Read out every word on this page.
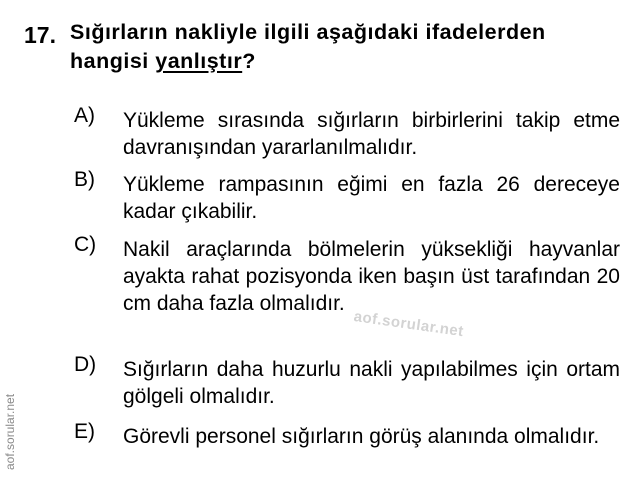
17. Sığırların nakliyle ilgili aşağıdaki ifadelerden hangisi yanlıştır?
A) Yükleme sırasında sığırların birbirlerini takip etme davranışından yararlanılmalıdır.
B) Yükleme rampasının eğimi en fazla 26 dereceye kadar çıkabilir.
C) Nakil araçlarında bölmelerin yüksekliği hayvanlar ayakta rahat pozisyonda iken başın üst tarafından 20 cm daha fazla olmalıdır.
D) Sığırların daha huzurlu nakli yapılabilmes için ortam gölgeli olmalıdır.
E) Görevli personel sığırların görüş alanında olmalıdır.
aof.sorular.net
aof.sorular.net
